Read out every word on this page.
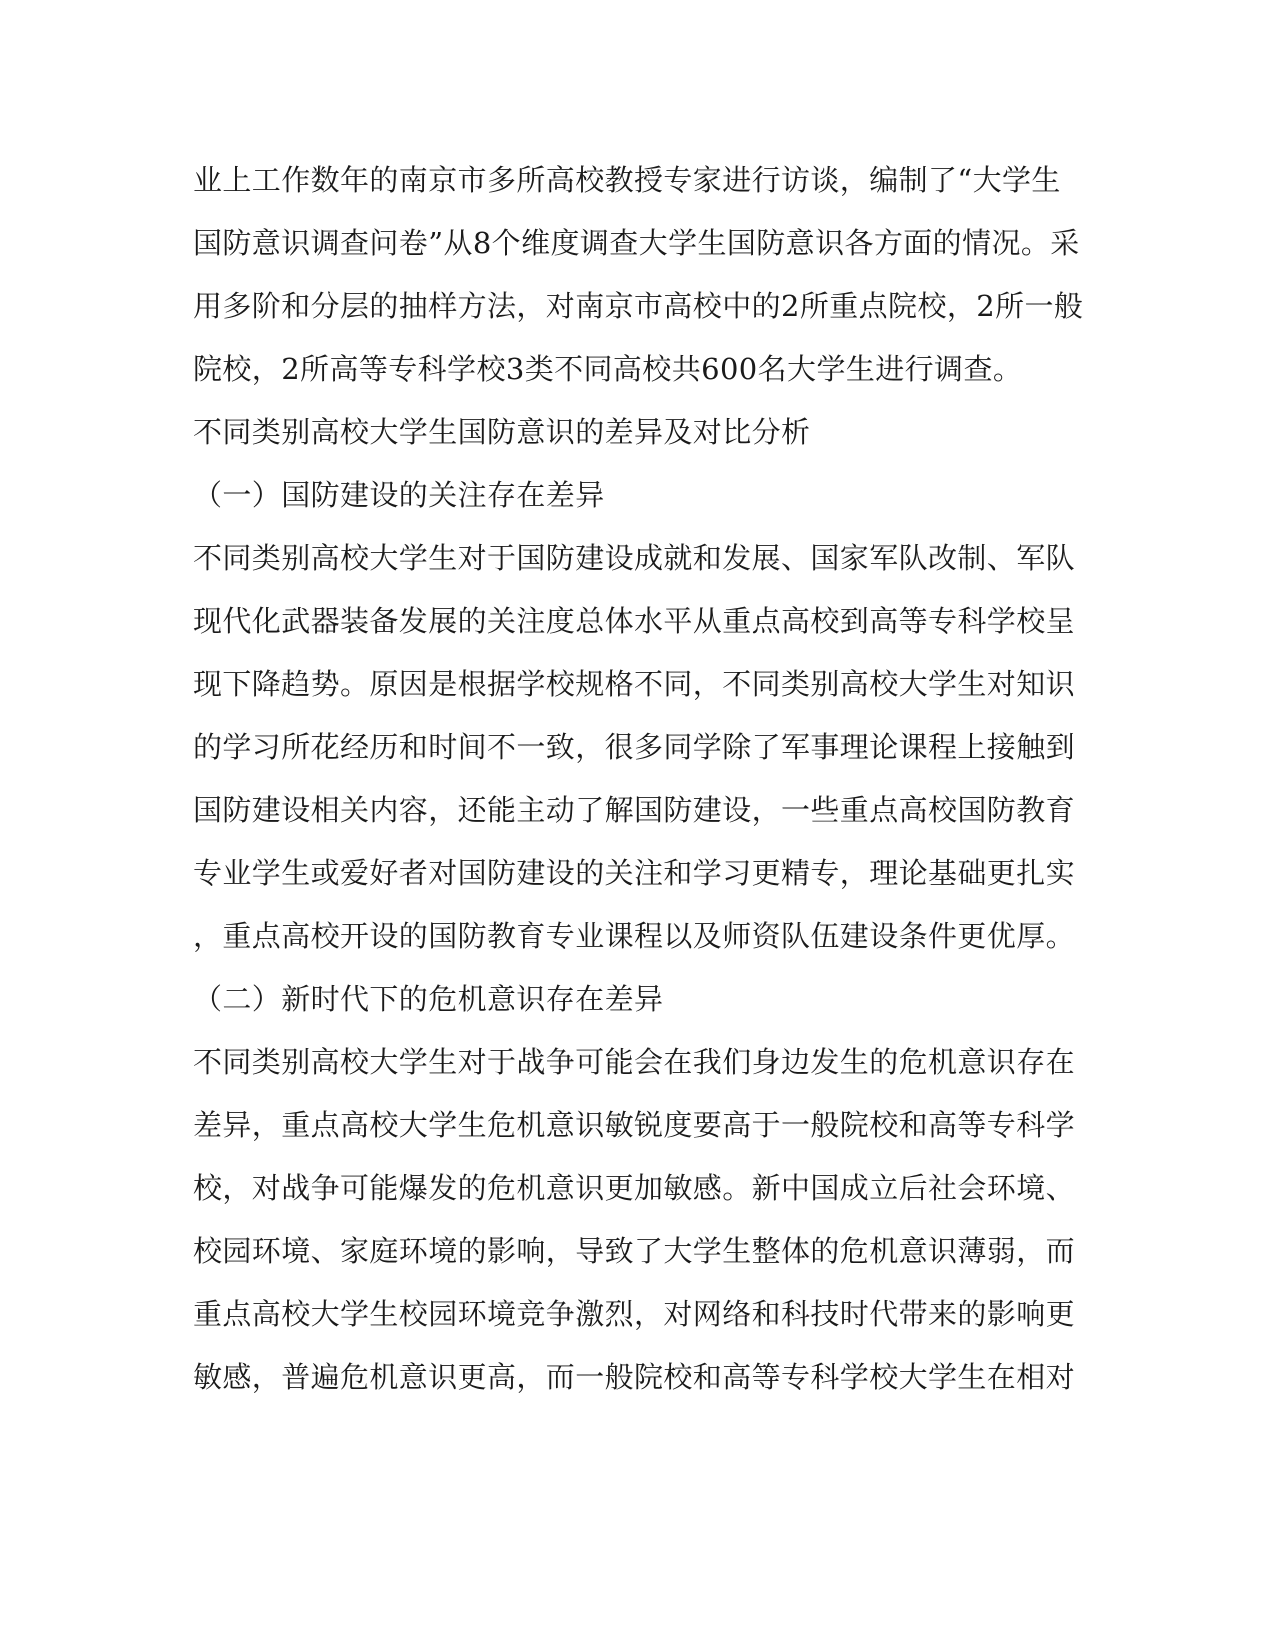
业上工作数年的南京市多所高校教授专家进行访谈，编制了“大学生
国防意识调查问卷”从8个维度调查大学生国防意识各方面的情况。采
用多阶和分层的抽样方法，对南京市高校中的2所重点院校，2所一般
院校，2所高等专科学校3类不同高校共600名大学生进行调查。
不同类别高校大学生国防意识的差异及对比分析
（一）国防建设的关注存在差异
不同类别高校大学生对于国防建设成就和发展、国家军队改制、军队
现代化武器装备发展的关注度总体水平从重点高校到高等专科学校呈
现下降趋势。原因是根据学校规格不同，不同类别高校大学生对知识
的学习所花经历和时间不一致，很多同学除了军事理论课程上接触到
国防建设相关内容，还能主动了解国防建设，一些重点高校国防教育
专业学生或爱好者对国防建设的关注和学习更精专，理论基础更扎实
，重点高校开设的国防教育专业课程以及师资队伍建设条件更优厚。
（二）新时代下的危机意识存在差异
不同类别高校大学生对于战争可能会在我们身边发生的危机意识存在
差异，重点高校大学生危机意识敏锐度要高于一般院校和高等专科学
校，对战争可能爆发的危机意识更加敏感。新中国成立后社会环境、
校园环境、家庭环境的影响，导致了大学生整体的危机意识薄弱，而
重点高校大学生校园环境竞争激烈，对网络和科技时代带来的影响更
敏感，普遍危机意识更高，而一般院校和高等专科学校大学生在相对
